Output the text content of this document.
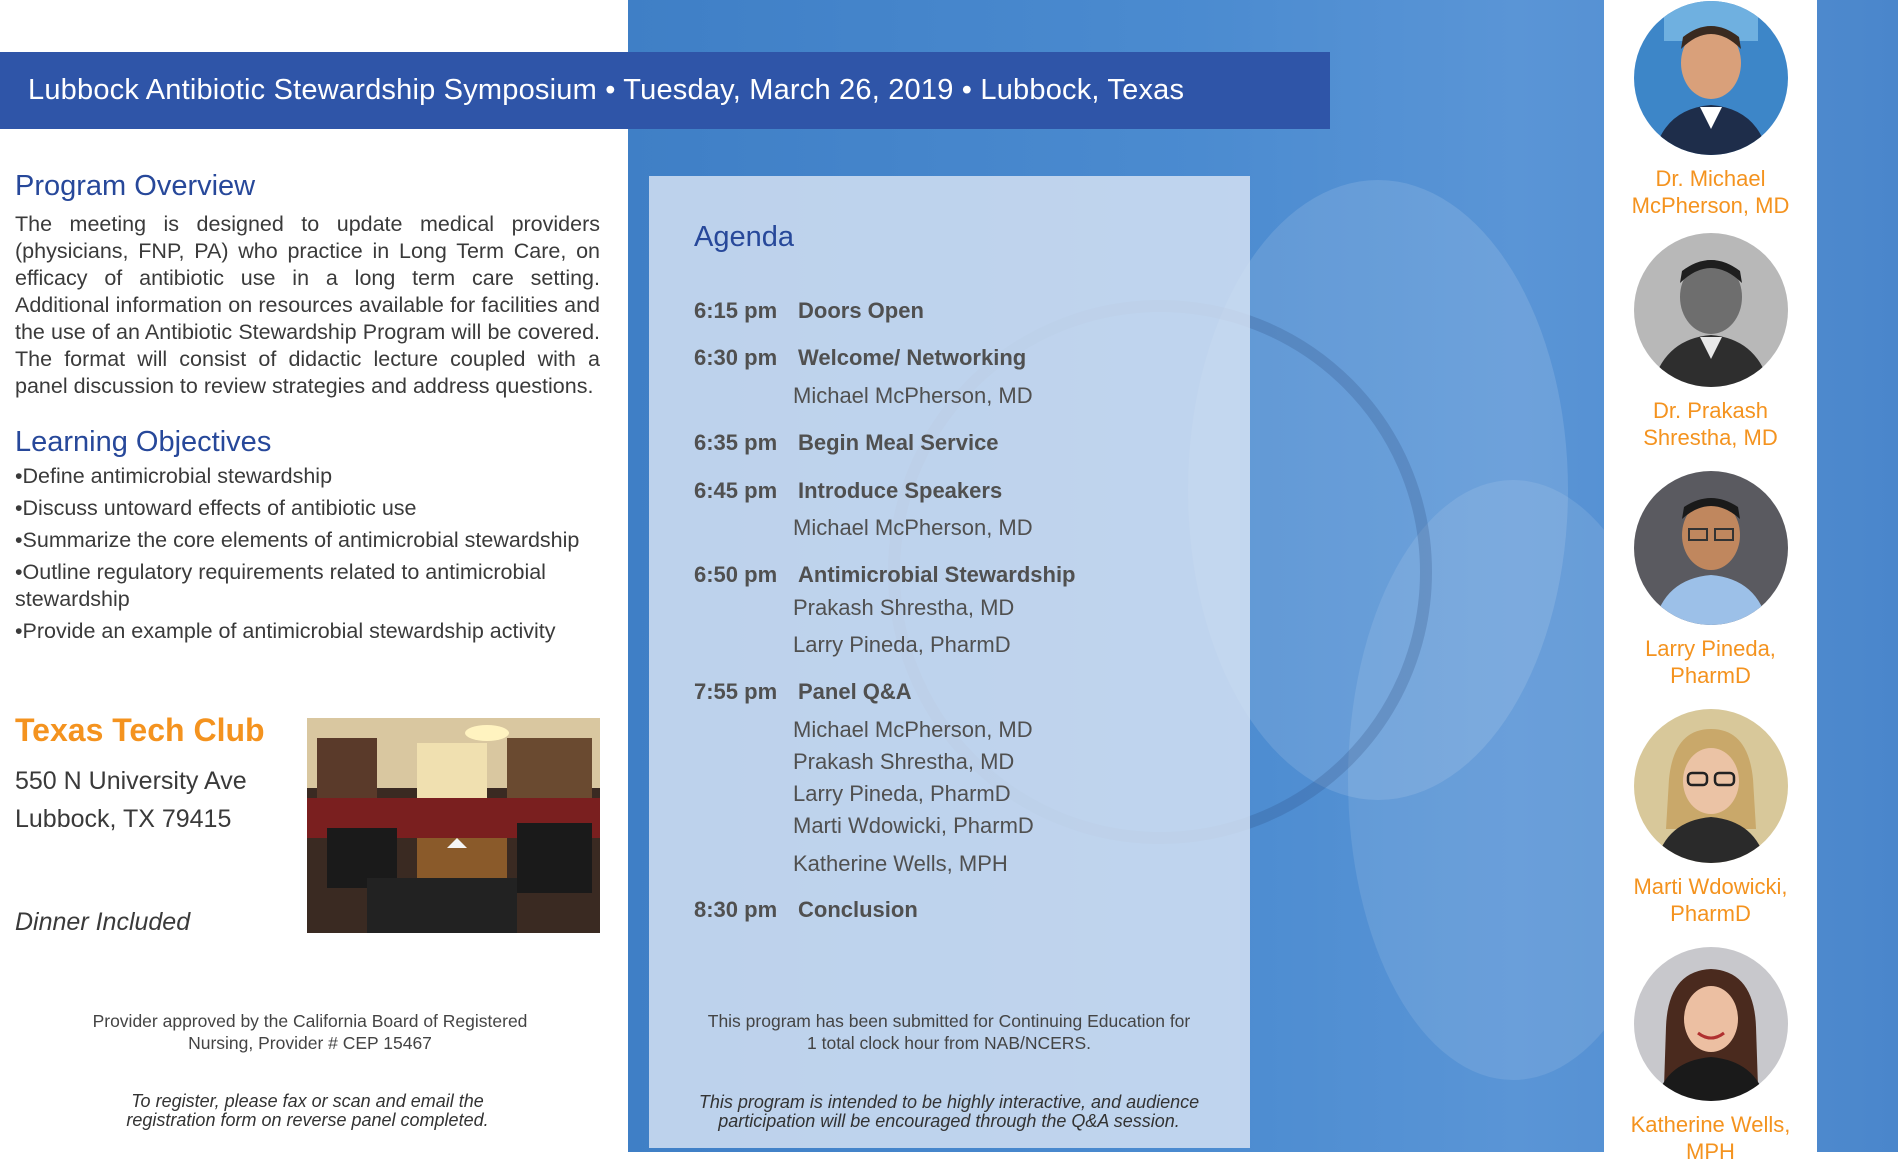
Lubbock Antibiotic Stewardship Symposium • Tuesday, March 26, 2019 • Lubbock, Texas
Program Overview

The meeting is designed to update medical providers (physicians, FNP, PA) who practice in Long Term Care, on efficacy of antibiotic use in a long term care setting. Additional information on resources available for facilities and the use of an Antibiotic Stewardship Program will be covered. The format will consist of didactic lecture coupled with a panel discussion to review strategies and address questions.

Learning Objectives

•Define antimicrobial stewardship

•Discuss untoward effects of antibiotic use

•Summarize the core elements of antimicrobial stewardship

•Outline regulatory requirements related to antimicrobial stewardship

•Provide an example of antimicrobial stewardship activity

Texas Tech Club
550 N University Ave
Lubbock, TX 79415
Dinner Included
Provider approved by the California Board of Registered Nursing, Provider # CEP 15467
To register, please fax or scan and email the registration form on reverse panel completed.
Agenda
6:15 pm Doors Open
6:30 pm Welcome/ Networking
Michael McPherson, MD
6:35 pm Begin Meal Service
6:45 pm Introduce Speakers
Michael McPherson, MD
6:50 pm Antimicrobial Stewardship
Prakash Shrestha, MD
Larry Pineda, PharmD
7:55 pm Panel Q&A
Michael McPherson, MD
Prakash Shrestha, MD
Larry Pineda, PharmD
Marti Wdowicki, PharmD
Katherine Wells, MPH
8:30 pm Conclusion
This program has been submitted for Continuing Education for 1 total clock hour from NAB/NCERS.
This program is intended to be highly interactive, and audience participation will be encouraged through the Q&A session.
Dr. Michael McPherson, MD
Dr. Prakash Shrestha, MD
Larry Pineda, PharmD
Marti Wdowicki, PharmD
Katherine Wells, MPH
